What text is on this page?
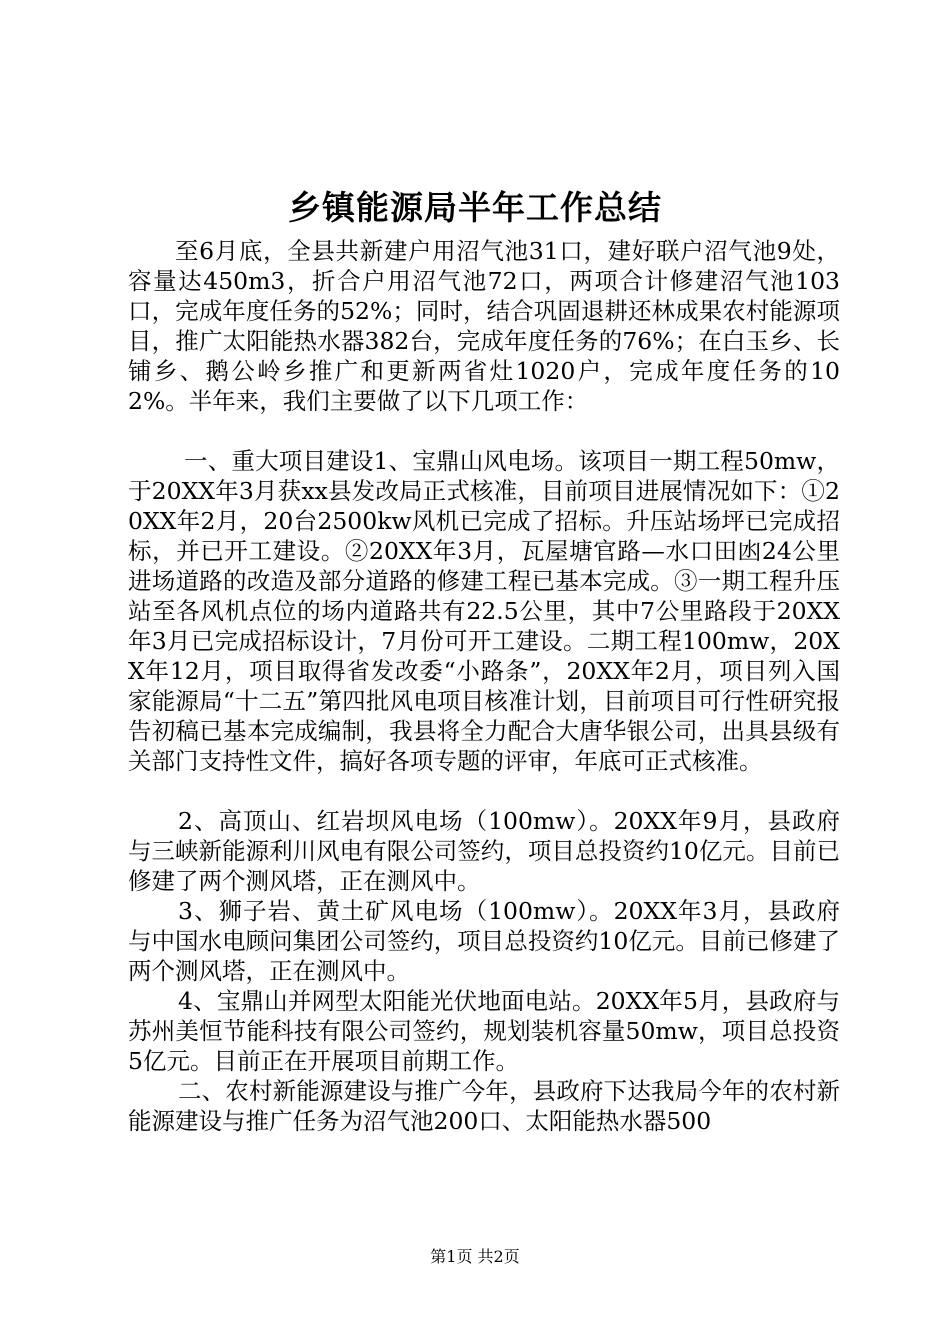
乡镇能源局半年工作总结

至6月底，全县共新建户用沼气池31口，建好联户沼气池9处，容量达450m3，折合户用沼气池72口，两项合计修建沼气池103口，完成年度任务的52%；同时，结合巩固退耕还林成果农村能源项目，推广太阳能热水器382台，完成年度任务的76%；在白玉乡、长铺乡、鹅公岭乡推广和更新两省灶1020户，完成年度任务的102%。半年来，我们主要做了以下几项工作：

一、重大项目建设1、宝鼎山风电场。该项目一期工程50mw，于20XX年3月获xx县发改局正式核准，目前项目进展情况如下：①20XX年2月，20台2500kw风机已完成了招标。升压站场坪已完成招标，并已开工建设。②20XX年3月，瓦屋塘官路—水口田凼24公里进场道路的改造及部分道路的修建工程已基本完成。③一期工程升压站至各风机点位的场内道路共有22.5公里，其中7公里路段于20XX年3月已完成招标设计，7月份可开工建设。二期工程100mw，20XX年12月，项目取得省发改委“小路条”，20XX年2月，项目列入国家能源局“十二五”第四批风电项目核准计划，目前项目可行性研究报告初稿已基本完成编制，我县将全力配合大唐华银公司，出具县级有关部门支持性文件，搞好各项专题的评审，年底可正式核准。

2、高顶山、红岩坝风电场（100mw）。20XX年9月，县政府与三峡新能源利川风电有限公司签约，项目总投资约10亿元。目前已修建了两个测风塔，正在测风中。

3、狮子岩、黄土矿风电场（100mw）。20XX年3月，县政府与中国水电顾问集团公司签约，项目总投资约10亿元。目前已修建了两个测风塔，正在测风中。

4、宝鼎山并网型太阳能光伏地面电站。20XX年5月，县政府与苏州美恒节能科技有限公司签约，规划装机容量50mw，项目总投资5亿元。目前正在开展项目前期工作。

二、农村新能源建设与推广今年，县政府下达我局今年的农村新能源建设与推广任务为沼气池200口、太阳能热水器500

第1页 共2页
